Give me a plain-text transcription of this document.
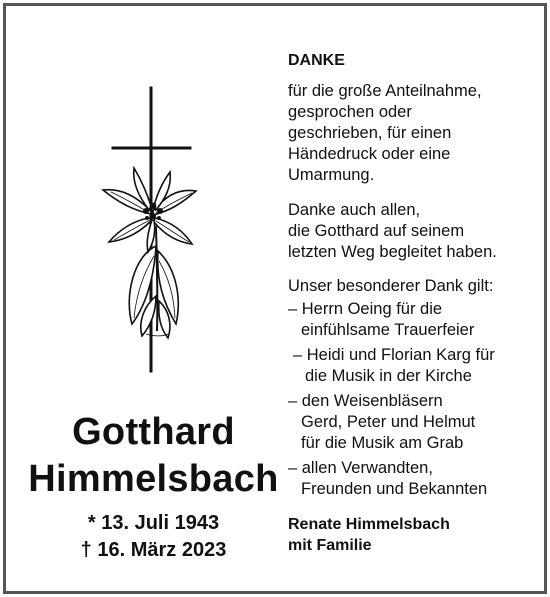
Gotthard
Himmelsbach
* 13. Juli 1943
† 16. März 2023
DANKE
für die große Anteilnahme,
gesprochen oder
geschrieben, für einen
Händedruck oder eine
Umarmung.
Danke auch allen,
die Gotthard auf seinem
letzten Weg begleitet haben.
Unser besonderer Dank gilt:
– Herrn Oeing für die
einfühlsame Trauerfeier
– Heidi und Florian Karg für
die Musik in der Kirche
– den Weisenbläsern
Gerd, Peter und Helmut
für die Musik am Grab
– allen Verwandten,
Freunden und Bekannten
Renate Himmelsbach
mit Familie
